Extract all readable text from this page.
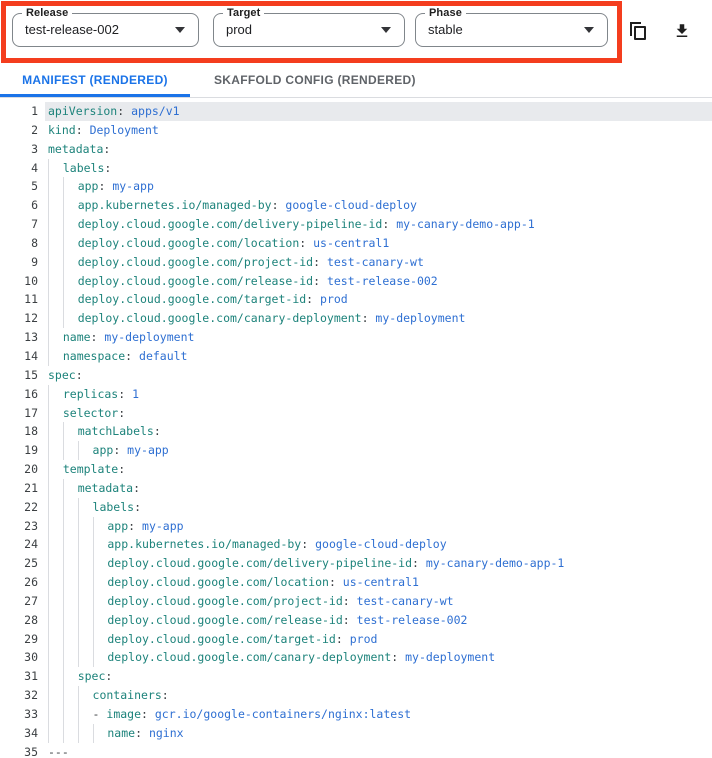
Release
test-release-002
Target
prod
Phase
stable
MANIFEST (RENDERED)	SKAFFOLD CONFIG (RENDERED)
1 apiVersion: apps/v1
2 kind: Deployment
3 metadata:
4	labels:
5	app: my-app
6	app.kubernetes.io/managed-by: google-cloud-deploy
7	deploy.cloud.google.com/delivery-pipeline-id: my-canary-demo-app-1
8	deploy.cloud.google.com/location: us-central1
9	deploy.cloud.google.com/project-id: test-canary-wt
10	deploy.cloud.google.com/release-id: test-release-002
11	deploy.cloud.google.com/target-id: prod
12	deploy.cloud.google.com/canary-deployment: my-deployment
13	name: my-deployment
14	namespace: default
15 spec:
16	replicas: 1
17	selector:
18	matchLabels:
19	app: my-app
20	template:
21	metadata:
22	labels:
23	app: my-app
24	app.kubernetes.io/managed-by: google-cloud-deploy
25	deploy.cloud.google.com/delivery-pipeline-id: my-canary-demo-app-1
26	deploy.cloud.google.com/location: us-central1
27	deploy.cloud.google.com/project-id: test-canary-wt
28	deploy.cloud.google.com/release-id: test-release-002
29	deploy.cloud.google.com/target-id: prod
30	deploy.cloud.google.com/canary-deployment: my-deployment
31	spec:
32	containers:
33	- image: gcr.io/google-containers/nginx:latest
34	name: nginx
35 ---
